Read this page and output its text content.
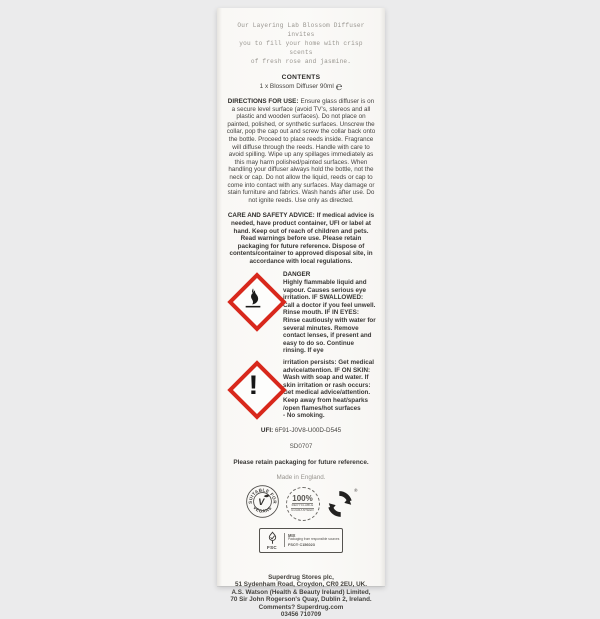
Our Layering Lab Blossom Diffuser invites
you to fill your home with crisp scents
of fresh rose and jasmine.
CONTENTS
1 x Blossom Diffuser 90ml ℮

DIRECTIONS FOR USE: Ensure glass diffuser is on a secure level surface (avoid TV's, stereos and all plastic and wooden surfaces). Do not place on painted, polished, or synthetic surfaces. Unscrew the collar, pop the cap out and screw the collar back onto the bottle. Proceed to place reeds inside. Fragrance will diffuse through the reeds. Handle with care to avoid spilling. Wipe up any spillages immediately as this may harm polished/painted surfaces. When handling your diffuser always hold the bottle, not the neck or cap. Do not allow the liquid, reeds or cap to come into contact with any surfaces. May damage or stain furniture and fabrics. Wash hands after use. Do not ignite reeds. Use only as directed.

CARE AND SAFETY ADVICE: If medical advice is needed, have product container, UFI or label at hand. Keep out of reach of children and pets. Read warnings before use. Please retain packaging for future reference. Dispose of contents/container to approved disposal site, in accordance with local regulations.

DANGER
Highly flammable liquid and vapour. Causes serious eye irritation. IF SWALLOWED: Call a doctor if you feel unwell. Rinse mouth. IF IN EYES: Rinse cautiously with water for several minutes. Remove contact lenses, if present and easy to do so. Continue rinsing. If eye
!
irritation persists: Get medical advice/attention. IF ON SKIN: Wash with soap and water. If skin irritation or rash occurs: Get medical advice/attention. Keep away from heat/sparks /open flames/hot surfaces
- No smoking.
UFI: 6F91-J0V8-U00D-D545
SD0707
Please retain packaging for future reference.
Made in England.
SUITABLE FOR
VEGANS
V	100%
RECYCLABLE
GUARANTEED
®
FSC
MIX
Packaging from responsible sources
FSC® C156023
Superdrug Stores plc,
51 Sydenham Road, Croydon, CR0 2EU, UK.
A.S. Watson (Health & Beauty Ireland) Limited,
70 Sir John Rogerson's Quay, Dublin 2, Ireland.
Comments? Superdrug.com
03456 710709
